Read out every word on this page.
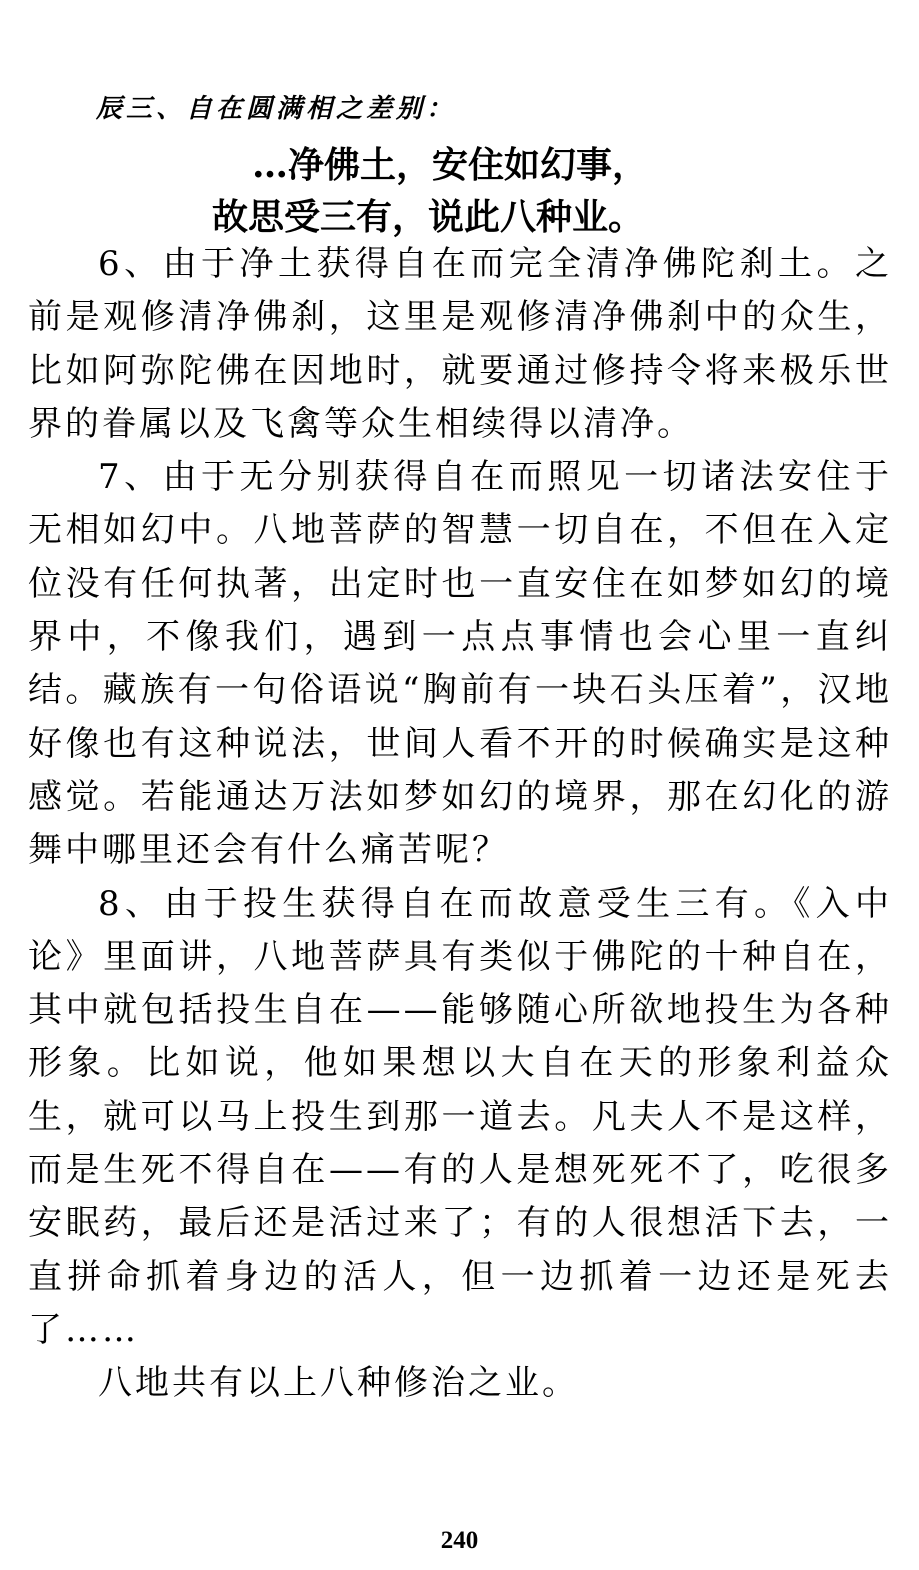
辰三、自在圆满相之差别：
…净佛土，安住如幻事，
故思受三有，说此八种业。

6、由于净土获得自在而完全清净佛陀刹土。之前是观修清净佛刹，这里是观修清净佛刹中的众生，比如阿弥陀佛在因地时，就要通过修持令将来极乐世界的眷属以及飞禽等众生相续得以清净。

7、由于无分别获得自在而照见一切诸法安住于无相如幻中。八地菩萨的智慧一切自在，不但在入定位没有任何执著，出定时也一直安住在如梦如幻的境界中，不像我们，遇到一点点事情也会心里一直纠结。藏族有一句俗语说“胸前有一块石头压着”，汉地好像也有这种说法，世间人看不开的时候确实是这种感觉。若能通达万法如梦如幻的境界，那在幻化的游舞中哪里还会有什么痛苦呢？

8、由于投生获得自在而故意受生三有。《入中论》里面讲，八地菩萨具有类似于佛陀的十种自在，其中就包括投生自在——能够随心所欲地投生为各种形象。比如说，他如果想以大自在天的形象利益众生，就可以马上投生到那一道去。凡夫人不是这样，而是生死不得自在——有的人是想死死不了，吃很多安眠药，最后还是活过来了；有的人很想活下去，一直拼命抓着身边的活人，但一边抓着一边还是死去了……

八地共有以上八种修治之业。

240
